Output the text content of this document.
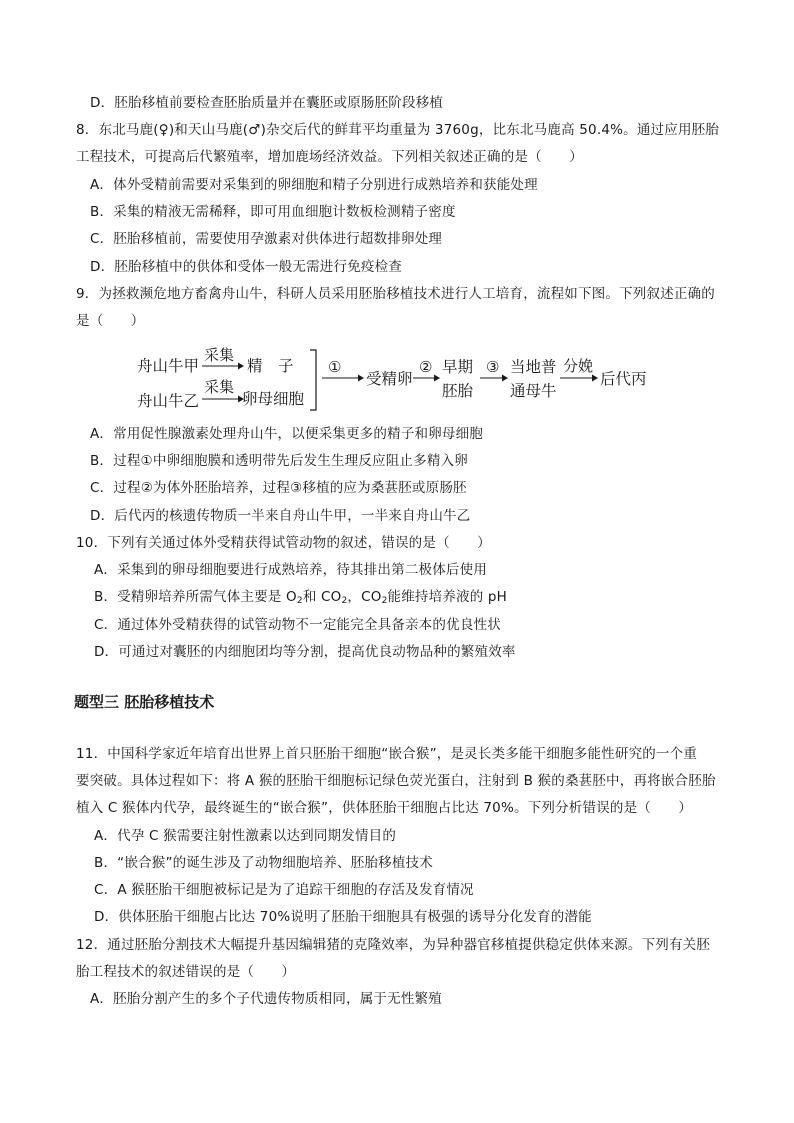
D．胚胎移植前要检查胚胎质量并在囊胚或原肠胚阶段移植
8．东北马鹿(♀)和天山马鹿(♂)杂交后代的鲜茸平均重量为 3760g，比东北马鹿高 50.4%。通过应用胚胎
工程技术，可提高后代繁殖率，增加鹿场经济效益。下列相关叙述正确的是（　　）
A．体外受精前需要对采集到的卵细胞和精子分别进行成熟培养和获能处理
B．采集的精液无需稀释，即可用血细胞计数板检测精子密度
C．胚胎移植前，需要使用孕激素对供体进行超数排卵处理
D．胚胎移植中的供体和受体一般无需进行免疫检查
9．为拯救濒危地方畜禽舟山牛，科研人员采用胚胎移植技术进行人工培育，流程如下图。下列叙述正确的
是（　　）
舟山牛甲
舟山牛乙
采集
采集
精　子
卵母细胞
①
受精卵
② 早期
胚胎
③ 当地普
通母牛
分娩
后代丙
A．常用促性腺激素处理舟山牛，以便采集更多的精子和卵母细胞
B．过程①中卵细胞膜和透明带先后发生生理反应阻止多精入卵
C．过程②为体外胚胎培养，过程③移植的应为桑葚胚或原肠胚
D．后代丙的核遗传物质一半来自舟山牛甲，一半来自舟山牛乙
10．下列有关通过体外受精获得试管动物的叙述，错误的是（　　）
A．采集到的卵母细胞要进行成熟培养，待其排出第二极体后使用
B．受精卵培养所需气体主要是 $O_2$和 $CO_2$，$CO_2$能维持培养液的 pH
C．通过体外受精获得的试管动物不一定能完全具备亲本的优良性状
D．可通过对囊胚的内细胞团均等分割，提高优良动物品种的繁殖效率
题型三 胚胎移植技术
11．中国科学家近年培育出世界上首只胚胎干细胞“嵌合猴”，是灵长类多能干细胞多能性研究的一个重
要突破。具体过程如下：将 A 猴的胚胎干细胞标记绿色荧光蛋白，注射到 B 猴的桑葚胚中，再将嵌合胚胎
植入 C 猴体内代孕，最终诞生的“嵌合猴”，供体胚胎干细胞占比达 70%。下列分析错误的是（　　）
A．代孕 C 猴需要注射性激素以达到同期发情目的
B．“嵌合猴”的诞生涉及了动物细胞培养、胚胎移植技术
C．A 猴胚胎干细胞被标记是为了追踪干细胞的存活及发育情况
D．供体胚胎干细胞占比达 70%说明了胚胎干细胞具有极强的诱导分化发育的潜能
12．通过胚胎分割技术大幅提升基因编辑猪的克隆效率，为异种器官移植提供稳定供体来源。下列有关胚
胎工程技术的叙述错误的是（　　）
A．胚胎分割产生的多个子代遗传物质相同，属于无性繁殖
